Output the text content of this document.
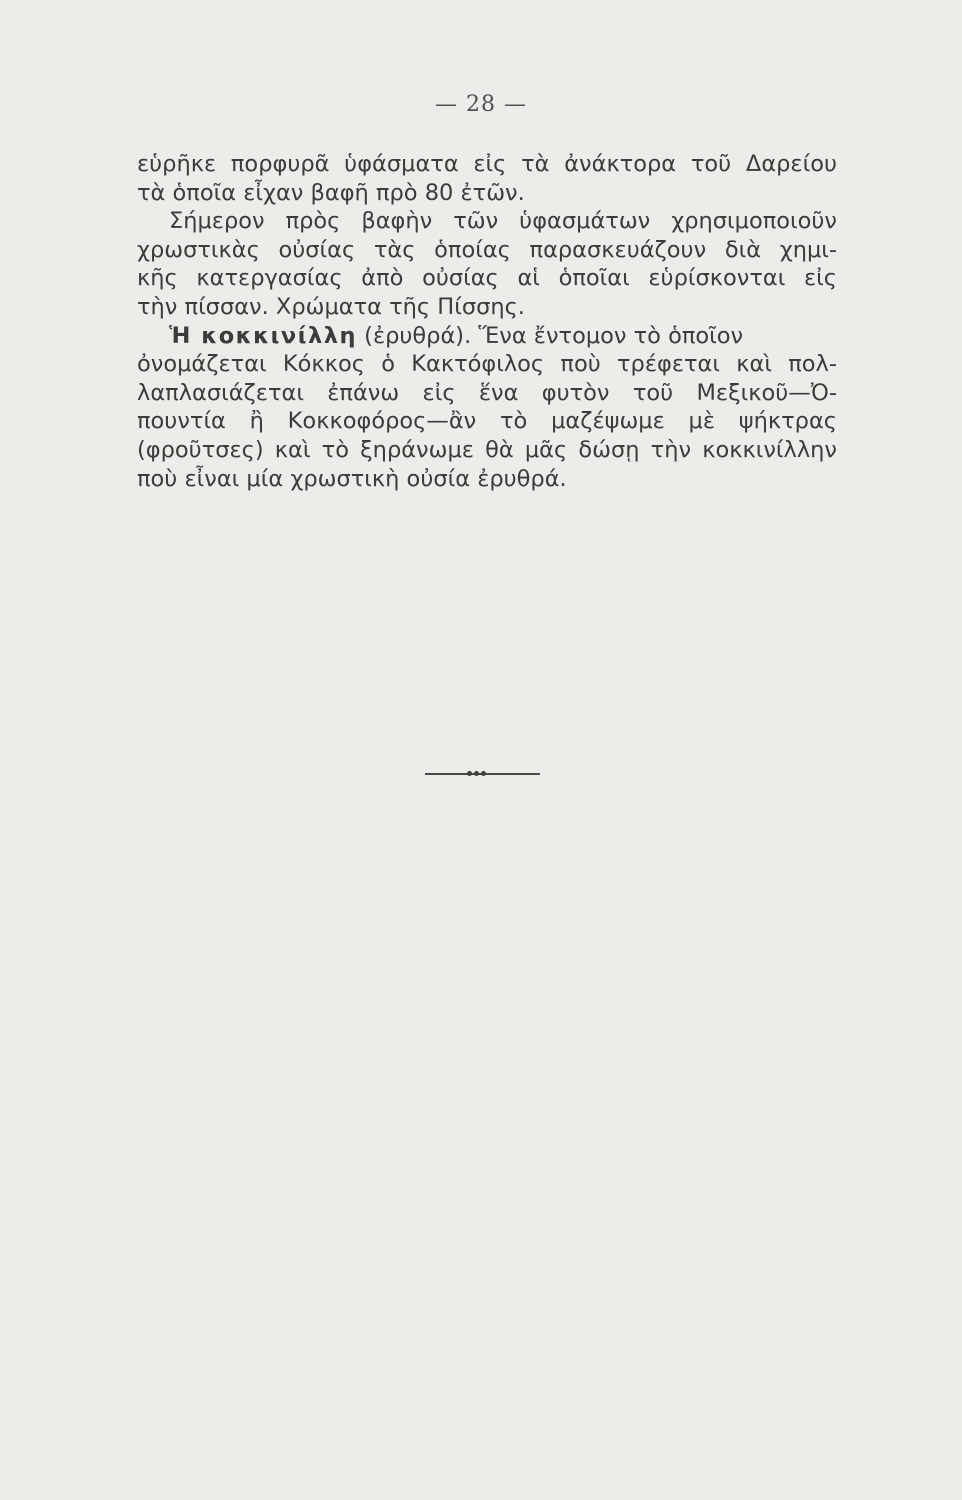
— 28 —
εὑρῆκε πορφυρᾶ ὑφάσματα εἰς τὰ ἀνάκτορα τοῦ Δαρείου
τὰ ὁποῖα εἶχαν βαφῆ πρὸ 80 ἐτῶν.
Σήμερον πρὸς βαφὴν τῶν ὑφασμάτων χρησιμοποιοῦν
χρωστικὰς οὐσίας τὰς ὁποίας παρασκευάζουν διὰ χημι-
κῆς κατεργασίας ἀπὸ οὐσίας αἱ ὁποῖαι εὑρίσκονται εἰς
τὴν πίσσαν. Χρώματα τῆς Πίσσης.
Ἡ κοκκινίλλη (ἐρυθρά). Ἕνα ἔντομον τὸ ὁποῖον
ὀνομάζεται Κόκκος ὁ Κακτόφιλος ποὺ τρέφεται καὶ πολ-
λαπλασιάζεται ἐπάνω εἰς ἕνα φυτὸν τοῦ Μεξικοῦ—Ὀ-
πουντία ἢ Κοκκοφόρος—ἂν τὸ μαζέψωμε μὲ ψήκτρας
(φροῦτσες) καὶ τὸ ξηράνωμε θὰ μᾶς δώσῃ τὴν κοκκινίλλην
ποὺ εἶναι μία χρωστικὴ οὐσία ἐρυθρά.
